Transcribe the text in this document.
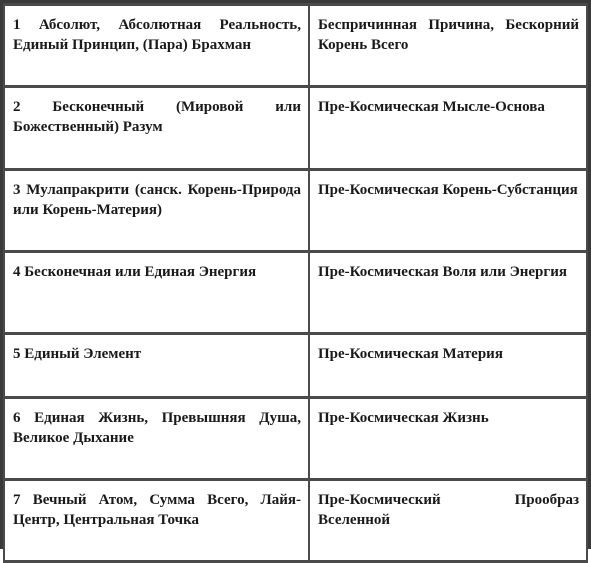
1 Абсолют, Абсолютная Реальность, Единый Принцип, (Пара) Брахман	Беспричинная Причина, Бескорний Корень Всего
2 Бесконечный (Мировой или Божественный) Разум	Пре-Космическая Мысле-Основа
3 Мулапракрити (санск. Корень-Природа или Корень-Материя)	Пре-Космическая Корень-Субстанция
4 Бесконечная или Единая Энергия	Пре-Космическая Воля или Энергия
5 Единый Элемент	Пре-Космическая Материя
6 Единая Жизнь, Превышняя Душа, Великое Дыхание	Пре-Космическая Жизнь
7 Вечный Атом, Сумма Всего, Лайя-Центр, Центральная Точка	Пре-Космический Прообраз Вселенной
